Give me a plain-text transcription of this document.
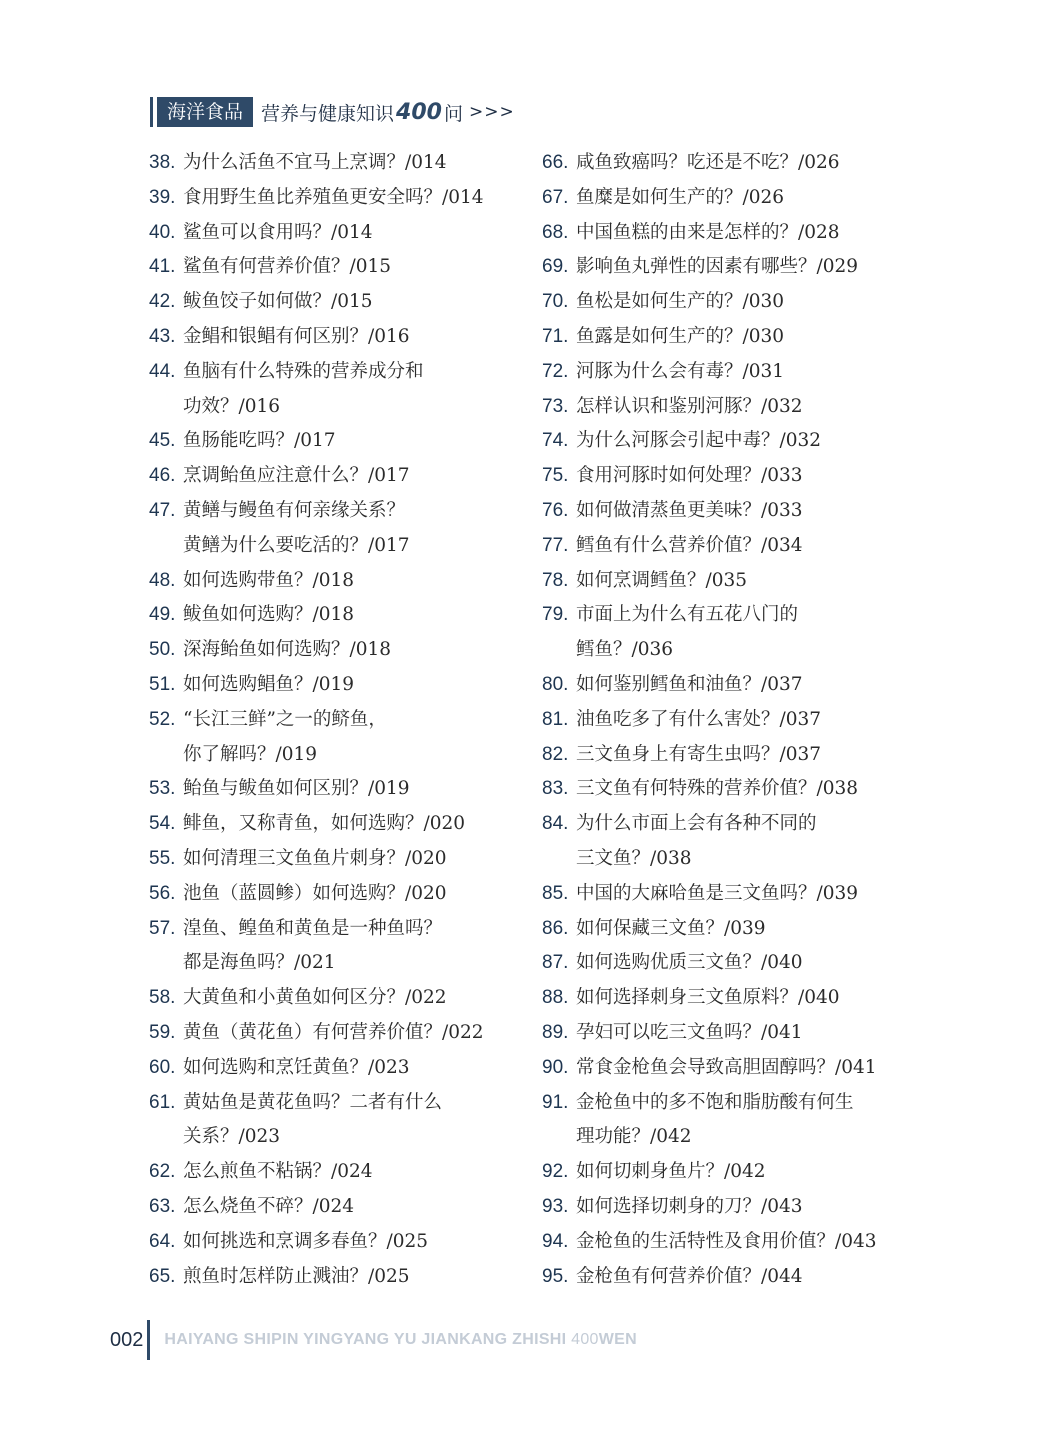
海洋食品 营养与健康知识 400 问 >>>
38. 为什么活鱼不宜马上烹调？/014
39. 食用野生鱼比养殖鱼更安全吗？/014
40. 鲨鱼可以食用吗？/014
41. 鲨鱼有何营养价值？/015
42. 鲅鱼饺子如何做？/015
43. 金鲳和银鲳有何区别？/016
44. 鱼脑有什么特殊的营养成分和
功效？/016
45. 鱼肠能吃吗？/017
46. 烹调鲐鱼应注意什么？/017
47. 黄鳝与鳗鱼有何亲缘关系？
黄鳝为什么要吃活的？/017
48. 如何选购带鱼？/018
49. 鲅鱼如何选购？/018
50. 深海鲐鱼如何选购？/018
51. 如何选购鲳鱼？/019
52. “长江三鲜”之一的鲚鱼，
你了解吗？/019
53. 鲐鱼与鲅鱼如何区别？/019
54. 鲱鱼，又称青鱼，如何选购？/020
55. 如何清理三文鱼鱼片刺身？/020
56. 池鱼（蓝圆鲹）如何选购？/020
57. 湟鱼、鳇鱼和黄鱼是一种鱼吗？
都是海鱼吗？/021
58. 大黄鱼和小黄鱼如何区分？/022
59. 黄鱼（黄花鱼）有何营养价值？/022
60. 如何选购和烹饪黄鱼？/023
61. 黄姑鱼是黄花鱼吗？二者有什么
关系？/023
62. 怎么煎鱼不粘锅？/024
63. 怎么烧鱼不碎？/024
64. 如何挑选和烹调多春鱼？/025
65. 煎鱼时怎样防止溅油？/025
66. 咸鱼致癌吗？吃还是不吃？/026
67. 鱼糜是如何生产的？/026
68. 中国鱼糕的由来是怎样的？/028
69. 影响鱼丸弹性的因素有哪些？/029
70. 鱼松是如何生产的？/030
71. 鱼露是如何生产的？/030
72. 河豚为什么会有毒？/031
73. 怎样认识和鉴别河豚？/032
74. 为什么河豚会引起中毒？/032
75. 食用河豚时如何处理？/033
76. 如何做清蒸鱼更美味？/033
77. 鳕鱼有什么营养价值？/034
78. 如何烹调鳕鱼？/035
79. 市面上为什么有五花八门的
鳕鱼？/036
80. 如何鉴别鳕鱼和油鱼？/037
81. 油鱼吃多了有什么害处？/037
82. 三文鱼身上有寄生虫吗？/037
83. 三文鱼有何特殊的营养价值？/038
84. 为什么市面上会有各种不同的
三文鱼？/038
85. 中国的大麻哈鱼是三文鱼吗？/039
86. 如何保藏三文鱼？/039
87. 如何选购优质三文鱼？/040
88. 如何选择刺身三文鱼原料？/040
89. 孕妇可以吃三文鱼吗？/041
90. 常食金枪鱼会导致高胆固醇吗？/041
91. 金枪鱼中的多不饱和脂肪酸有何生
理功能？/042
92. 如何切刺身鱼片？/042
93. 如何选择切刺身的刀？/043
94. 金枪鱼的生活特性及食用价值？/043
95. 金枪鱼有何营养价值？/044
002 HAIYANG SHIPIN YINGYANG YU JIANKANG ZHISHI 400WEN
